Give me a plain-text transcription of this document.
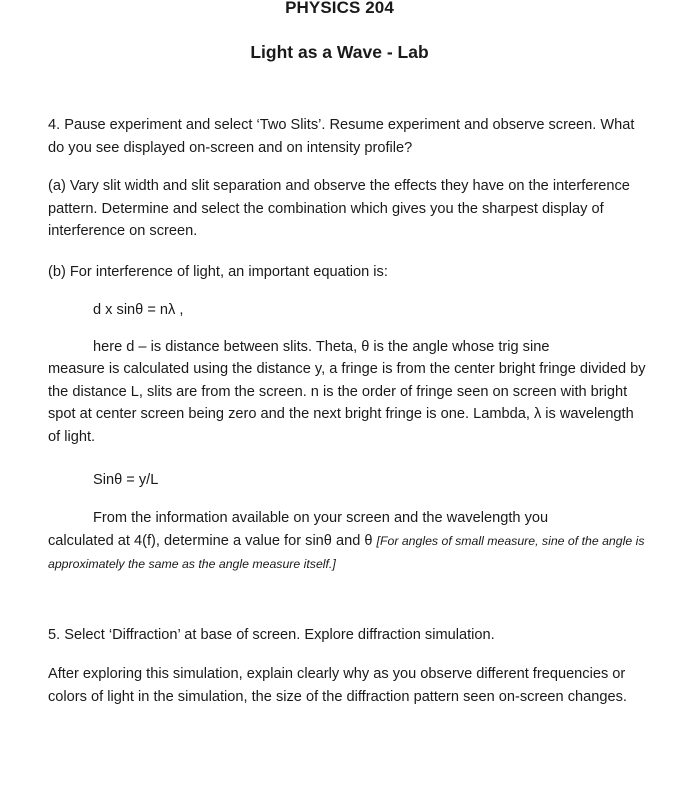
PHYSICS 204
Light as a Wave - Lab

4. Pause experiment and select ‘Two Slits’. Resume experiment and observe screen. What do you see displayed on-screen and on intensity profile?

(a) Vary slit width and slit separation and observe the effects they have on the interference pattern. Determine and select the combination which gives you the sharpest display of interference on screen.

(b) For interference of light, an important equation is:

d x sinθ = nλ ,

here d – is distance between slits. Theta, θ is the angle whose trig sine

measure is calculated using the distance y, a fringe is from the center bright fringe divided by the distance L, slits are from the screen. n is the order of fringe seen on screen with bright spot at center screen being zero and the next bright fringe is one. Lambda, λ is wavelength of light.

Sinθ = y/L

From the information available on your screen and the wavelength you

calculated at 4(f), determine a value for sinθ and θ [For angles of small measure, sine of the angle is approximately the same as the angle measure itself.]

5. Select ‘Diffraction’ at base of screen. Explore diffraction simulation.

After exploring this simulation, explain clearly why as you observe different frequencies or colors of light in the simulation, the size of the diffraction pattern seen on-screen changes.
